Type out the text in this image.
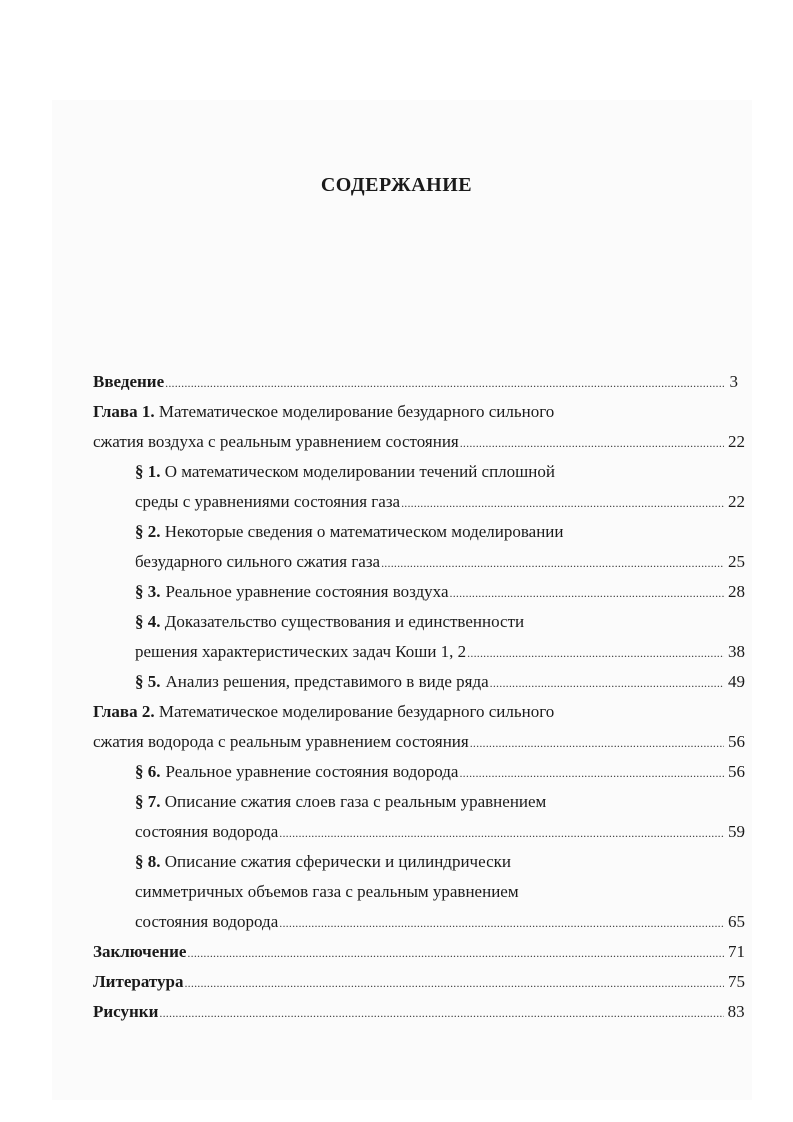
СОДЕРЖАНИЕ
Введение .....	3
Глава 1. Математическое моделирование безударного сильного
сжатия воздуха с реальным уравнением состояния .....	22
§ 1. О математическом моделировании течений сплошной
среды с уравнениями состояния газа .....	22
§ 2. Некоторые сведения о математическом моделировании
безударного сильного сжатия газа .....	25
§ 3. Реальное уравнение состояния воздуха .....	28
§ 4. Доказательство существования и единственности
решения характеристических задач Коши 1, 2 .....	38
§ 5. Анализ решения, представимого в виде ряда .....	49
Глава 2. Математическое моделирование безударного сильного
сжатия водорода с реальным уравнением состояния .....	56
§ 6. Реальное уравнение состояния водорода .....	56
§ 7. Описание сжатия слоев газа с реальным уравнением
состояния водорода .....	59
§ 8. Описание сжатия сферически и цилиндрически
симметричных объемов газа с реальным уравнением
состояния водорода .....	65
Заключение .....	71
Литература .....	75
Рисунки .....	83
